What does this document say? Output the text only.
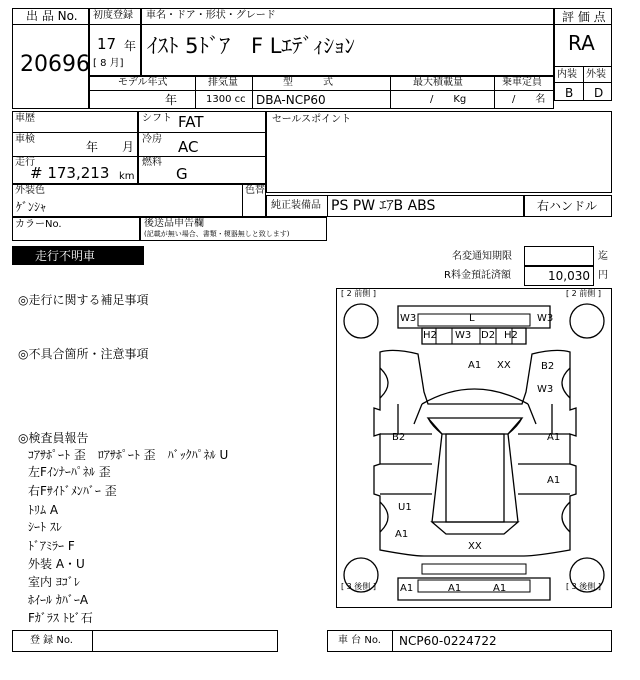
出 品 No.
20696
初度登録
17 年
[ 8 月]
車名・ドア・形状・グレード
ｲｽﾄ 5ﾄﾞｱ　F Lｴﾃﾞｨｼｮﾝ
評 価 点
RA
内装 外装
B D
モデル年式
年
排気量
1300 cc
型　　　式
DBA-NCP60
最大積載量
/　　Kg
乗車定員
/　　名
車歴
車検
年　　月
走行
# 173,213 km
シフト FAT
冷房 AC
燃料
G
セールスポイント
外装色
ｹﾞﾝｼｬ
色替
純正装備品 PS PW ｴｱB ABS	右ハンドル
カラーNo.	後送品申告欄
(記載が無い場合、書類・榎器無しと致します)
走行不明車	名変通知期限	迄
R料金預託済額	10,030 円
◎走行に関する補足事項
◎不具合箇所・注意事項
◎検査員報告
ｺｱｻﾎﾟｰﾄ 歪　ﾛｱｻﾎﾟｰﾄ 歪　ﾊﾞｯｸﾊﾟﾈﾙ U
左Fｲﾝﾅｰﾊﾟﾈﾙ 歪
右Fｻｲﾄﾞﾒﾝﾊﾞｰ 歪
ﾄﾘﾑ A
ｼｰﾄ ｽﾚ
ﾄﾞｱﾐﾗｰ F
外装 A・U
室内 ﾖｺﾞﾚ
ﾎｲｰﾙ ｶﾊﾞｰA
Fｶﾞﾗｽ ﾄﾋﾞ石
[ 2 前側 ]	[ 2 前側 ]
[ 3 後側 ]	[ 3 後側 ]
W3	L	W3
H2 W3 D2 H2
A1 XX	B2
W3
B2	A1
A1
U1
A1
XX
A1	A1	A1
登 録 No.	車 台 No. NCP60-0224722
